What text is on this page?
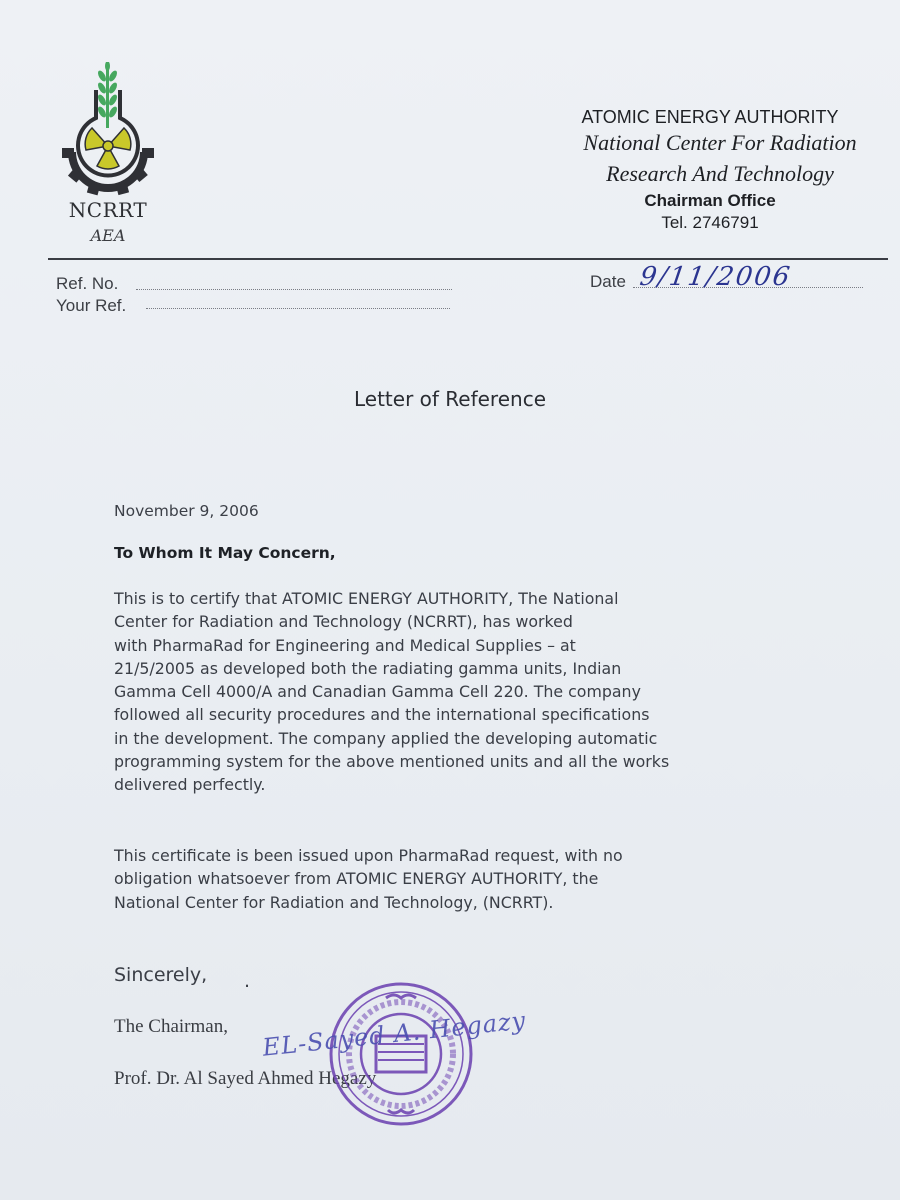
NCRRT
AEA
ATOMIC ENERGY AUTHORITY
National Center For Radiation
Research And Technology
Chairman Office
Tel. 2746791
Ref. No.
Your Ref.
Date 9/11/2006
Letter of Reference
November 9, 2006
To Whom It May Concern,
This is to certify that ATOMIC ENERGY AUTHORITY, The National
Center for Radiation and Technology (NCRRT), has worked
with PharmaRad for Engineering and Medical Supplies – at
21/5/2005 as developed both the radiating gamma units, Indian
Gamma Cell 4000/A and Canadian Gamma Cell 220. The company
followed all security procedures and the international specifications
in the development. The company applied the developing automatic
programming system for the above mentioned units and all the works
delivered perfectly.
This certificate is been issued upon PharmaRad request, with no
obligation whatsoever from ATOMIC ENERGY AUTHORITY, the
National Center for Radiation and Technology, (NCRRT).
Sincerely, .
The Chairman,
Prof. Dr. Al Sayed Ahmed Hegazy
EL-Sayed A. Hegazy
